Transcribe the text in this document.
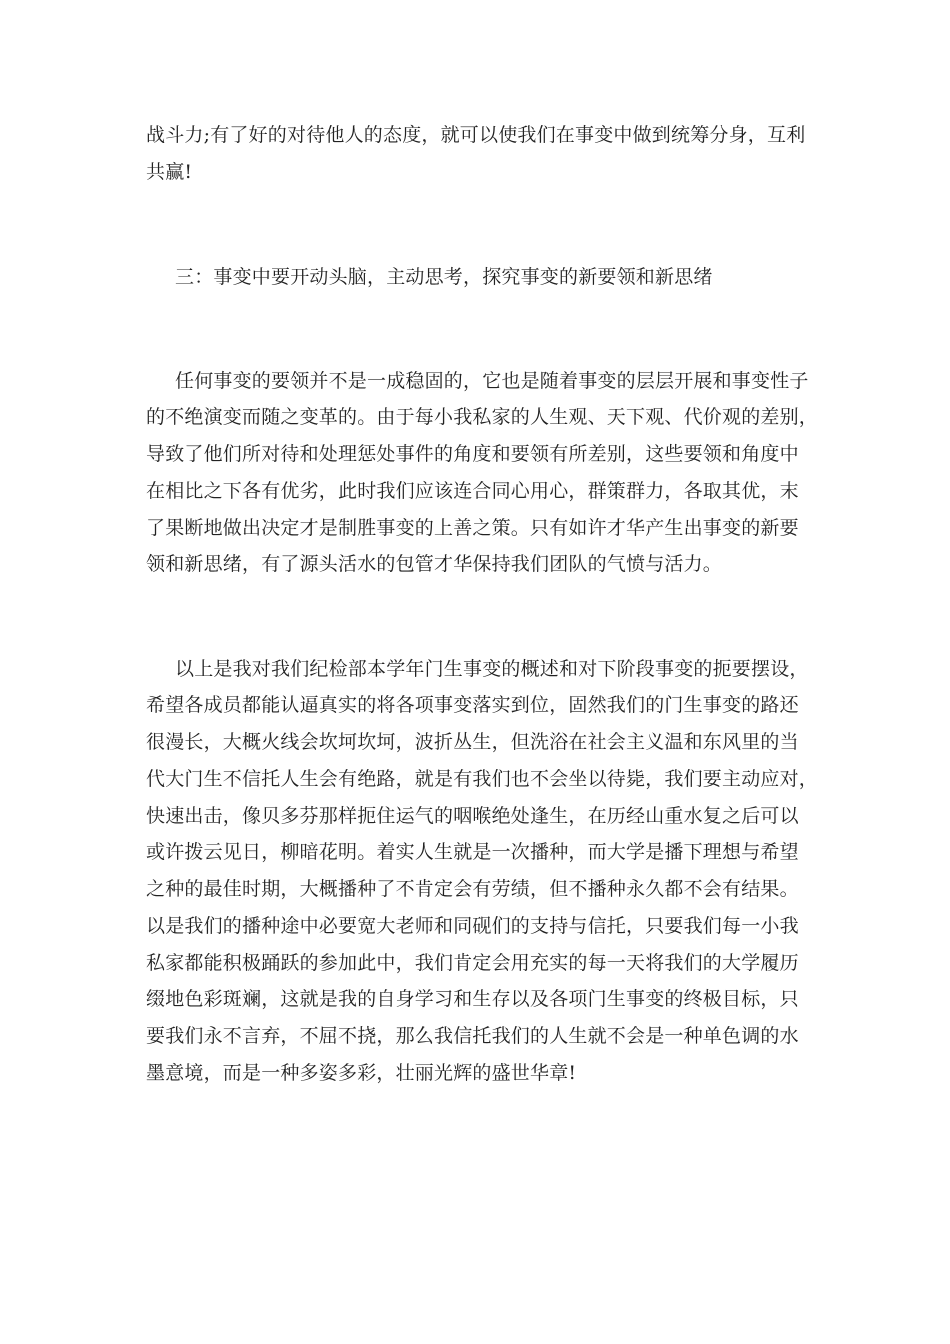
战斗力;有了好的对待他人的态度，就可以使我们在事变中做到统筹分身，互利
共赢!
三：事变中要开动头脑，主动思考，探究事变的新要领和新思绪
任何事变的要领并不是一成稳固的，它也是随着事变的层层开展和事变性子
的不绝演变而随之变革的。由于每小我私家的人生观、天下观、代价观的差别，
导致了他们所对待和处理惩处事件的角度和要领有所差别，这些要领和角度中
在相比之下各有优劣，此时我们应该连合同心用心，群策群力，各取其优，末
了果断地做出决定才是制胜事变的上善之策。只有如许才华产生出事变的新要
领和新思绪，有了源头活水的包管才华保持我们团队的气愤与活力。
以上是我对我们纪检部本学年门生事变的概述和对下阶段事变的扼要摆设，
希望各成员都能认逼真实的将各项事变落实到位，固然我们的门生事变的路还
很漫长，大概火线会坎坷坎坷，波折丛生，但洗浴在社会主义温和东风里的当
代大门生不信托人生会有绝路，就是有我们也不会坐以待毙，我们要主动应对，
快速出击，像贝多芬那样扼住运气的咽喉绝处逢生，在历经山重水复之后可以
或许拨云见日，柳暗花明。着实人生就是一次播种，而大学是播下理想与希望
之种的最佳时期，大概播种了不肯定会有劳绩，但不播种永久都不会有结果。
以是我们的播种途中必要宽大老师和同砚们的支持与信托，只要我们每一小我
私家都能积极踊跃的参加此中，我们肯定会用充实的每一天将我们的大学履历
缀地色彩斑斓，这就是我的自身学习和生存以及各项门生事变的终极目标，只
要我们永不言弃，不屈不挠，那么我信托我们的人生就不会是一种单色调的水
墨意境，而是一种多姿多彩，壮丽光辉的盛世华章!
